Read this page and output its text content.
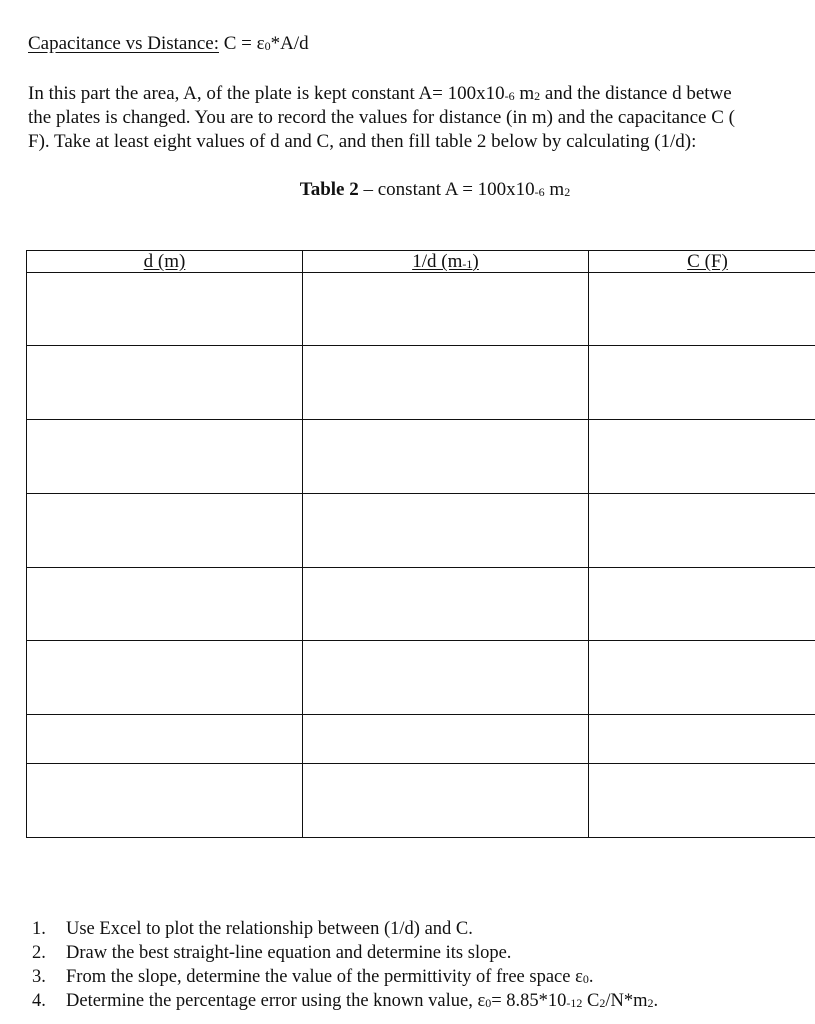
Capacitance vs Distance: $C = \varepsilon_0*A/d$
In this part the area, A, of the plate is kept constant $A= 100x10_{-6}$ $m_2$ and the distance d betwe
the plates is changed. You are to record the values for distance (in m) and the capacitance C (
F). Take at least eight values of d and C, and then fill table 2 below by calculating (1/d):
Table 2 – constant $A = 100x10_{-6}$ $m_2$
d (m)	1/d $(m_{-1})$	C (F)

1. Use Excel to plot the relationship between (1/d) and C.
2. Draw the best straight-line equation and determine its slope.
3. From the slope, determine the value of the permittivity of free space $\varepsilon_0$.
4. Determine the percentage error using the known value, $\varepsilon_0= 8.85*10_{-12}$ $C_2/N*m_2$.
